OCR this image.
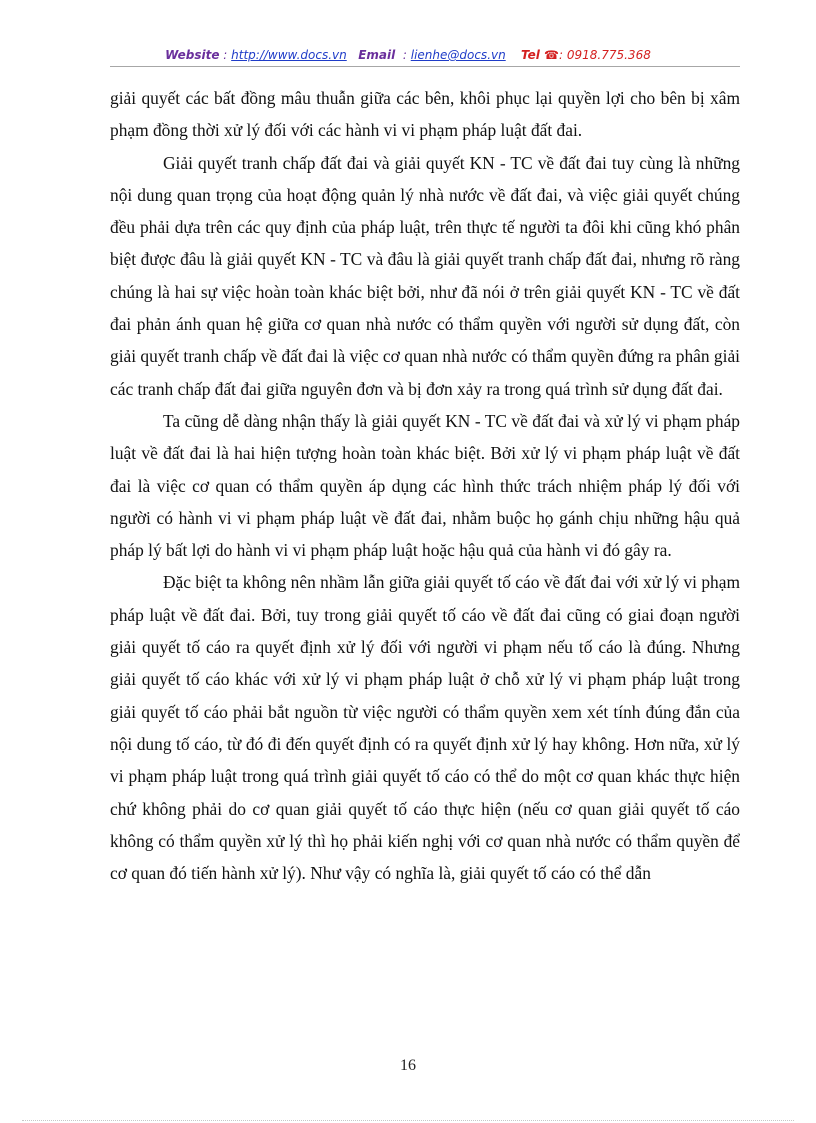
Website : http://www.docs.vn Email  : lienhe@docs.vn Tel ☎: 0918.775.368

giải quyết các bất đồng mâu thuẫn giữa các bên, khôi phục lại quyền lợi cho bên bị xâm phạm đồng thời xử lý đối với các hành vi vi phạm pháp luật đất đai.

Giải quyết tranh chấp đất đai và giải quyết KN - TC về đất đai tuy cùng là những nội dung quan trọng của hoạt động quản lý nhà nước về đất đai, và việc giải quyết chúng đều phải dựa trên các quy định của pháp luật, trên thực tế người ta đôi khi cũng khó phân biệt được đâu là giải quyết KN - TC và đâu là giải quyết tranh chấp đất đai, nhưng rõ ràng chúng là hai sự việc hoàn toàn khác biệt bởi, như đã nói ở trên giải quyết KN - TC về đất đai phản ánh quan hệ giữa cơ quan nhà nước có thẩm quyền với người sử dụng đất, còn giải quyết tranh chấp về đất đai là việc cơ quan nhà nước có thẩm quyền đứng ra phân giải các tranh chấp đất đai giữa nguyên đơn và bị đơn xảy ra trong quá trình sử dụng đất đai.

Ta cũng dễ dàng nhận thấy là giải quyết KN - TC về đất đai và xử lý vi phạm pháp luật về đất đai là hai hiện tượng hoàn toàn khác biệt. Bởi xử lý vi phạm pháp luật về đất đai là việc cơ quan có thẩm quyền áp dụng các hình thức trách nhiệm pháp lý đối với người có hành vi vi phạm pháp luật về đất đai, nhằm buộc họ gánh chịu những hậu quả pháp lý bất lợi do hành vi vi phạm pháp luật hoặc hậu quả của hành vi đó gây ra.

Đặc biệt ta không nên nhầm lẫn giữa giải quyết tố cáo về đất đai với xử lý vi phạm pháp luật về đất đai. Bởi, tuy trong giải quyết tố cáo về đất đai cũng có giai đoạn người giải quyết tố cáo ra quyết định xử lý đối với người vi phạm nếu tố cáo là đúng. Nhưng giải quyết tố cáo khác với xử lý vi phạm pháp luật ở chỗ xử lý vi phạm pháp luật trong giải quyết tố cáo phải bắt nguồn từ việc người có thẩm quyền xem xét tính đúng đắn của nội dung tố cáo, từ đó đi đến quyết định có ra quyết định xử lý hay không. Hơn nữa, xử lý vi phạm pháp luật trong quá trình giải quyết tố cáo có thể do một cơ quan khác thực hiện chứ không phải do cơ quan giải quyết tố cáo thực hiện (nếu cơ quan giải quyết tố cáo không có thẩm quyền xử lý thì họ phải kiến nghị với cơ quan nhà nước có thẩm quyền để cơ quan đó tiến hành xử lý). Như vậy có nghĩa là, giải quyết tố cáo có thể dẫn

16
